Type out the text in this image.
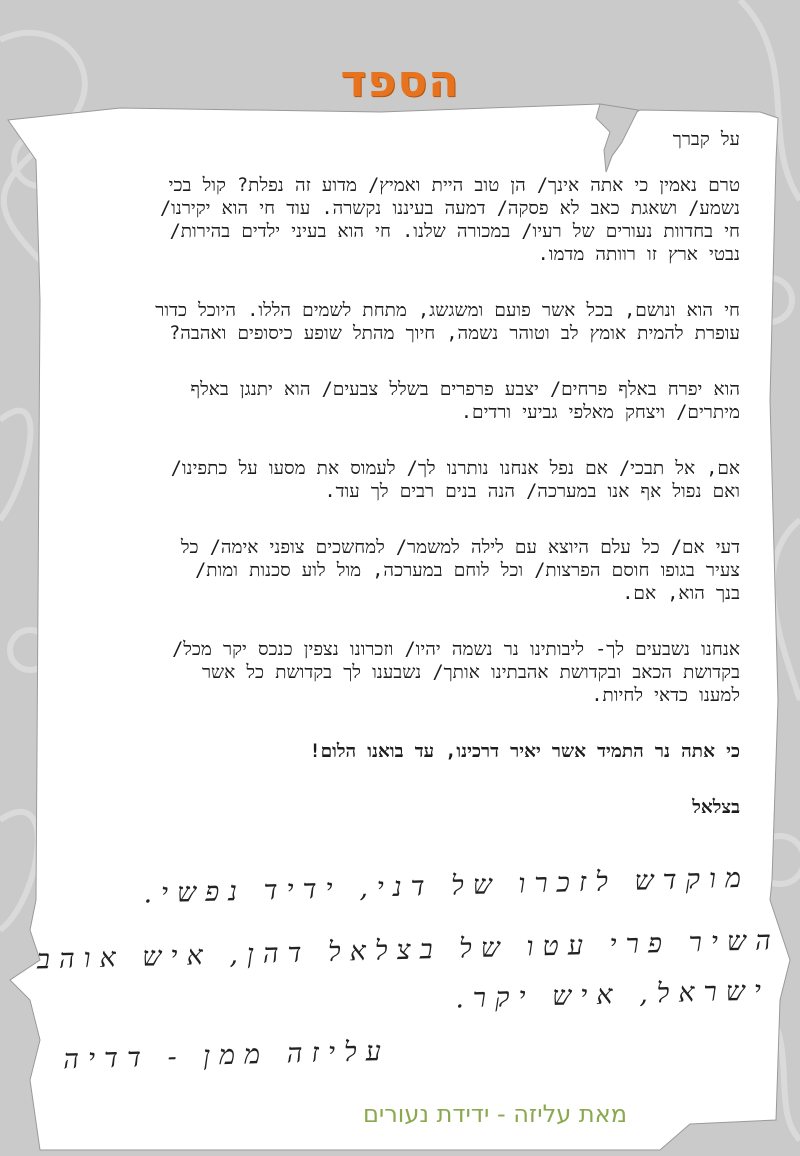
הספד

על קברך

טרם נאמין כי אתה אינך/ הן טוב היית ואמיץ/ מדוע זה נפלת? קול בכי
נשמע/ ושאגת כאב לא פסקה/ דמעה בעיננו נקשרה. עוד חי הוא יקירנו/
חי בחדוות נעורים של רעיו/ במכורה שלנו. חי הוא בעיני ילדים בהירות/
נבטי ארץ זו רוותה מדמו.

חי הוא ונושם, בכל אשר פועם ומשגשג, מתחת לשמים הללו. היוכל כדור
עופרת להמית אומץ לב וטוהר נשמה, חיוך מהתל שופע כיסופים ואהבה?

הוא יפרח באלף פרחים/ יצבע פרפרים בשלל צבעים/ הוא יתנגן באלף
מיתרים/ ויצחק מאלפי גביעי ורדים.

אם, אל תבכי/ אם נפל אנחנו נותרנו לך/ לעמוס את מסעו על כתפינו/
ואם נפול אף אנו במערכה/ הנה בנים רבים לך עוד.

דעי אם/ כל עלם היוצא עם לילה למשמר/ למחשכים צופני אימה/ כל
צעיר בגופו חוסם הפרצות/ וכל לוחם במערכה, מול לוע סכנות ומות/
בנך הוא, אם.

אנחנו נשבעים לך- ליבותינו נר נשמה יהיו/ וזכרונו נצפין כנכס יקר מכל/
בקדושת הכאב ובקדושת אהבתינו אותך/ נשבענו לך בקדושת כל אשר
למענו כדאי לחיות.

כי אתה נר התמיד אשר יאיר דרכינו, עד בואנו הלום!

בצלאל

מוקדש לזכרו של דני, ידיד נפשי.
השיר פרי עטו של בצלאל דהן, איש אוהב
ישראל, איש יקר.
עליזה ממן - דדיה
מאת עליזה - ידידת נעורים
